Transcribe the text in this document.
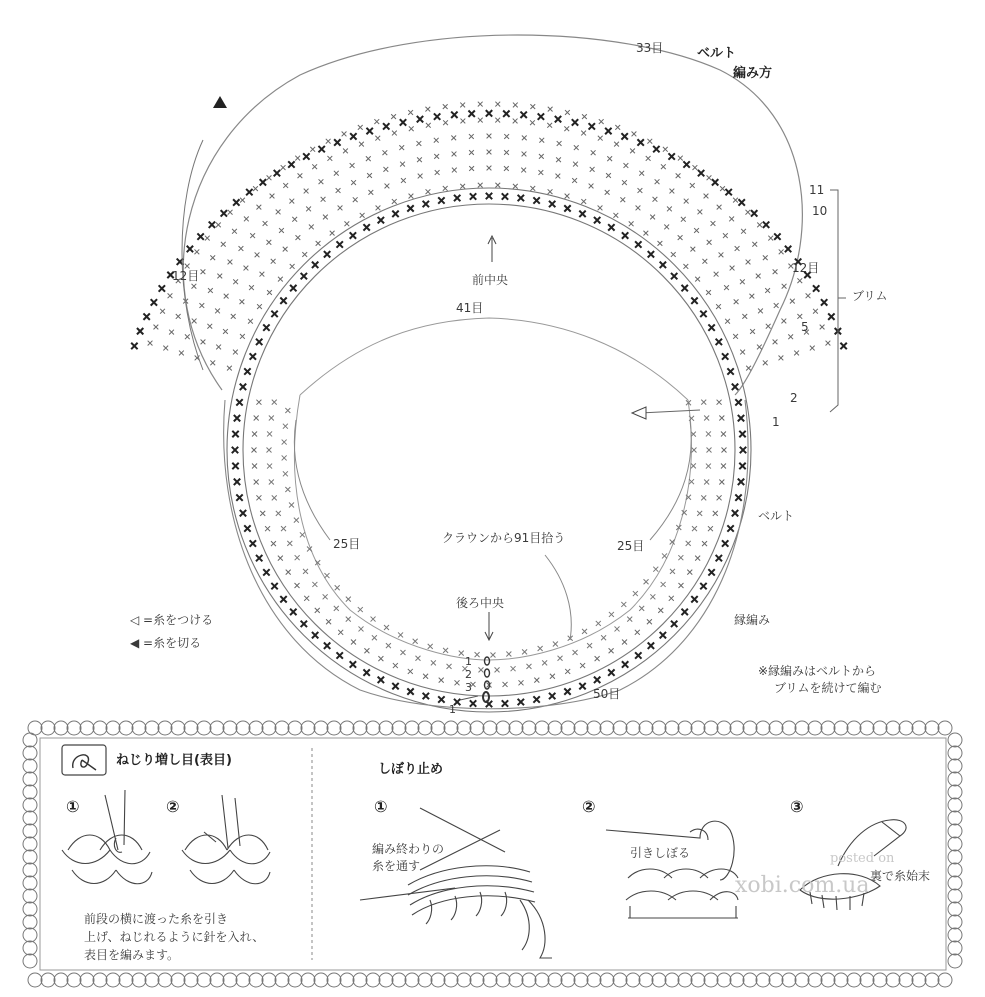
33目	ベルト
編み方
12目
12目
前中央
41目
11
10
5
2
1
ブリム
ベルト
25目	25目
クラウンから91目拾う
後ろ中央
縁編み
◁ =糸をつける
◀ =糸を切る
※縁編みはベルトから
ブリムを続けて編む
50目
1
2
3
1
ねじり増し目(表目)
①	②
前段の横に渡った糸を引き
上げ、ねじれるように針を入れ、
表目を編みます。
しぼり止め
①	②	③
編み終わりの
糸を通す
引きしぼる
裏で糸始末
posted on
xobi.com.ua
